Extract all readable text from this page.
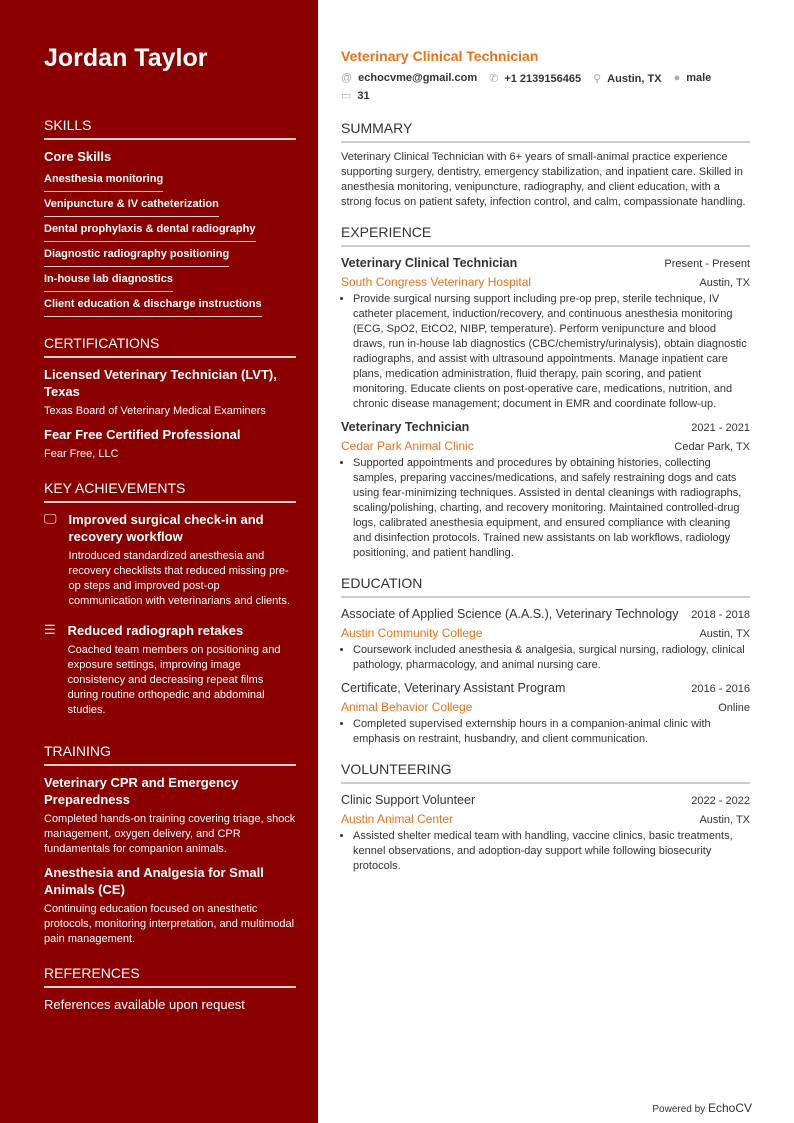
Jordan Taylor
SKILLS
Core Skills
Anesthesia monitoring
Venipuncture & IV catheterization
Dental prophylaxis & dental radiography
Diagnostic radiography positioning
In-house lab diagnostics
Client education & discharge instructions
CERTIFICATIONS
Licensed Veterinary Technician (LVT), Texas
Texas Board of Veterinary Medical Examiners
Fear Free Certified Professional
Fear Free, LLC
KEY ACHIEVEMENTS
🖵 Improved surgical check-in and recovery workflow
Introduced standardized anesthesia and recovery checklists that reduced missing pre-op steps and improved post-op communication with veterinarians and clients.
☰ Reduced radiograph retakes
Coached team members on positioning and exposure settings, improving image consistency and decreasing repeat films during routine orthopedic and abdominal studies.
TRAINING
Veterinary CPR and Emergency Preparedness
Completed hands-on training covering triage, shock management, oxygen delivery, and CPR fundamentals for companion animals.
Anesthesia and Analgesia for Small Animals (CE)
Continuing education focused on anesthetic protocols, monitoring interpretation, and multimodal pain management.
REFERENCES
References available upon request
Veterinary Clinical Technician
@ echocvme@gmail.com ✆ +1 2139156465 ⚲ Austin, TX ● male
▭ 31
SUMMARY
Veterinary Clinical Technician with 6+ years of small-animal practice experience supporting surgery, dentistry, emergency stabilization, and inpatient care. Skilled in anesthesia monitoring, venipuncture, radiography, and client education, with a strong focus on patient safety, infection control, and calm, compassionate handling.
EXPERIENCE
Veterinary Clinical Technician	Present - Present
South Congress Veterinary Hospital	Austin, TX
• Provide surgical nursing support including pre-op prep, sterile technique, IV catheter placement, induction/recovery, and continuous anesthesia monitoring (ECG, SpO2, EtCO2, NIBP, temperature). Perform venipuncture and blood draws, run in-house lab diagnostics (CBC/chemistry/urinalysis), obtain diagnostic radiographs, and assist with ultrasound appointments. Manage inpatient care plans, medication administration, fluid therapy, pain scoring, and patient monitoring. Educate clients on post-operative care, medications, nutrition, and chronic disease management; document in EMR and coordinate follow-up.
Veterinary Technician	2021 - 2021
Cedar Park Animal Clinic	Cedar Park, TX
• Supported appointments and procedures by obtaining histories, collecting samples, preparing vaccines/medications, and safely restraining dogs and cats using fear-minimizing techniques. Assisted in dental cleanings with radiographs, scaling/polishing, charting, and recovery monitoring. Maintained controlled-drug logs, calibrated anesthesia equipment, and ensured compliance with cleaning and disinfection protocols. Trained new assistants on lab workflows, radiology positioning, and patient handling.
EDUCATION
Associate of Applied Science (A.A.S.), Veterinary Technology 2018 - 2018
Austin Community College	Austin, TX
• Coursework included anesthesia & analgesia, surgical nursing, radiology, clinical pathology, pharmacology, and animal nursing care.
Certificate, Veterinary Assistant Program	2016 - 2016
Animal Behavior College	Online
• Completed supervised externship hours in a companion-animal clinic with emphasis on restraint, husbandry, and client communication.
VOLUNTEERING
Clinic Support Volunteer	2022 - 2022
Austin Animal Center	Austin, TX
• Assisted shelter medical team with handling, vaccine clinics, basic treatments, kennel observations, and adoption-day support while following biosecurity protocols.
Powered by EchoCV
